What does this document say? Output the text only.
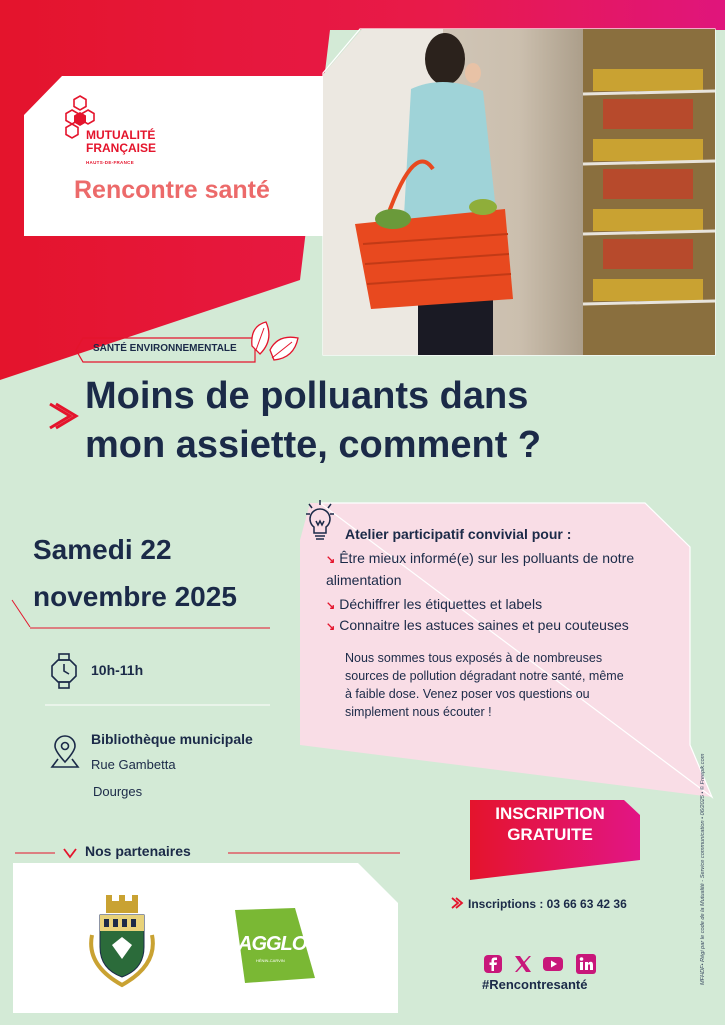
MUTUALITÉ
FRANÇAISE
HAUTS-DE-FRANCE
Rencontre santé
SANTÉ ENVIRONNEMENTALE
Moins de polluants dans
mon assiette, comment ?
Samedi 22
novembre 2025
10h-11h
Bibliothèque municipale
Rue Gambetta
Dourges
Atelier participatif convivial pour :
↘ Être mieux informé(e) sur les polluants de notre
alimentation
↘ Déchiffrer les étiquettes et labels
↘ Connaitre les astuces saines et peu couteuses
Nous sommes tous exposés à de nombreuses
sources de pollution dégradant notre santé, même
à faible dose. Venez poser vos questions ou
simplement nous écouter !
INSCRIPTION
GRATUITE
Inscriptions : 03 66 63 42 36
Nos partenaires
AGGLO
HÉNIN-CARVIN
#Rencontresanté	MFHDF• Régi par le code de la Mutualité - Service communication • 06/2025 • © Freepik.com
